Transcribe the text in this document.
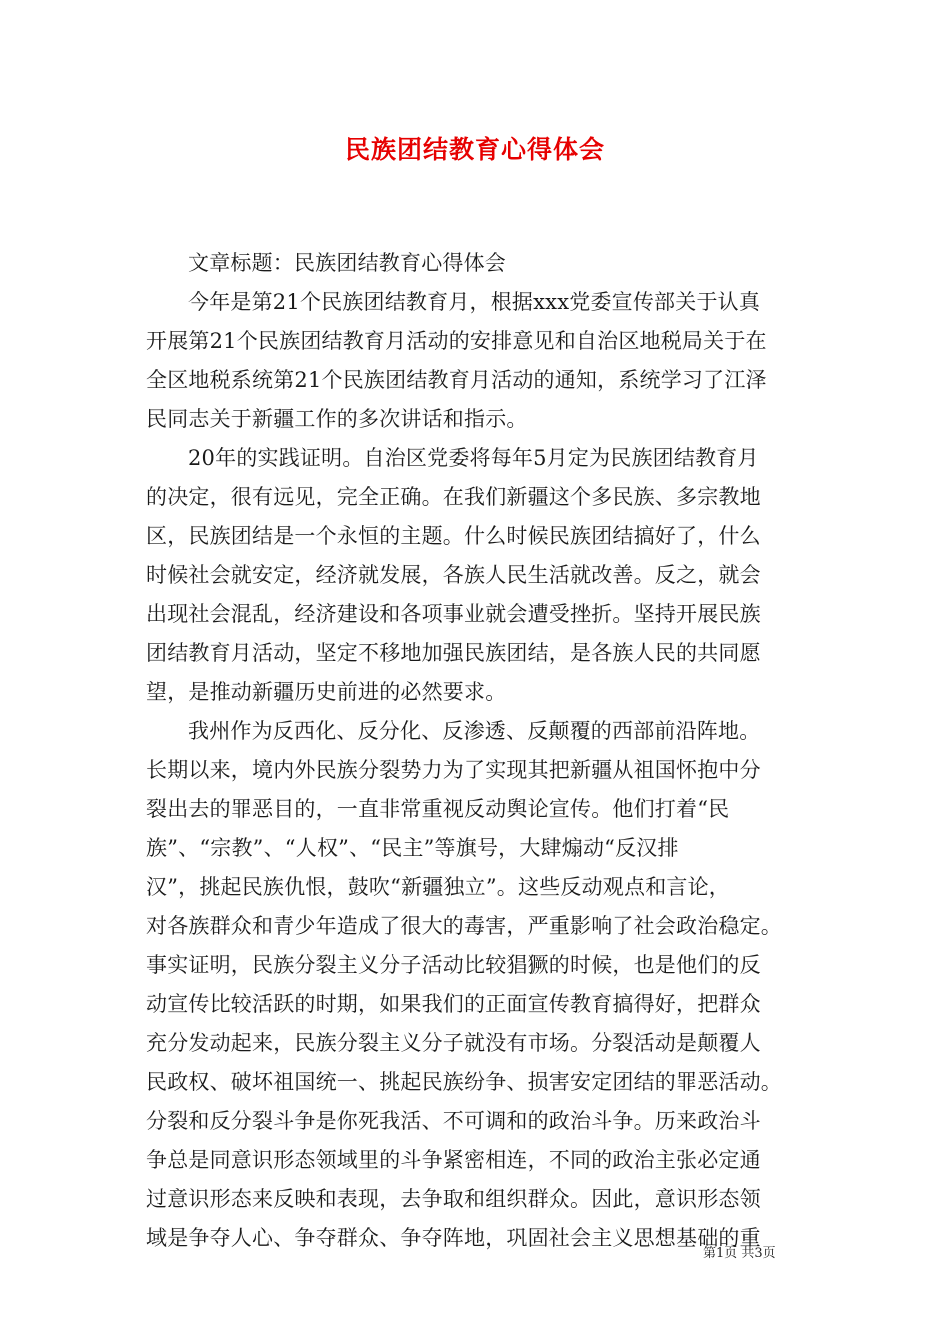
民族团结教育心得体会
文章标题：民族团结教育心得体会
今年是第21个民族团结教育月，根据xxx党委宣传部关于认真
开展第21个民族团结教育月活动的安排意见和自治区地税局关于在
全区地税系统第21个民族团结教育月活动的通知，系统学习了江泽
民同志关于新疆工作的多次讲话和指示。
20年的实践证明。自治区党委将每年5月定为民族团结教育月
的决定，很有远见，完全正确。在我们新疆这个多民族、多宗教地
区，民族团结是一个永恒的主题。什么时候民族团结搞好了，什么
时候社会就安定，经济就发展，各族人民生活就改善。反之，就会
出现社会混乱，经济建设和各项事业就会遭受挫折。坚持开展民族
团结教育月活动，坚定不移地加强民族团结，是各族人民的共同愿
望，是推动新疆历史前进的必然要求。
我州作为反西化、反分化、反渗透、反颠覆的西部前沿阵地。
长期以来，境内外民族分裂势力为了实现其把新疆从祖国怀抱中分
裂出去的罪恶目的，一直非常重视反动舆论宣传。他们打着“民
族”、“宗教”、“人权”、“民主”等旗号，大肆煽动“反汉排
汉”，挑起民族仇恨，鼓吹“新疆独立”。这些反动观点和言论，
对各族群众和青少年造成了很大的毒害，严重影响了社会政治稳定。
事实证明，民族分裂主义分子活动比较猖獗的时候，也是他们的反
动宣传比较活跃的时期，如果我们的正面宣传教育搞得好，把群众
充分发动起来，民族分裂主义分子就没有市场。分裂活动是颠覆人
民政权、破坏祖国统一、挑起民族纷争、损害安定团结的罪恶活动。
分裂和反分裂斗争是你死我活、不可调和的政治斗争。历来政治斗
争总是同意识形态领域里的斗争紧密相连，不同的政治主张必定通
过意识形态来反映和表现，去争取和组织群众。因此，意识形态领
域是争夺人心、争夺群众、争夺阵地，巩固社会主义思想基础的重
第1页 共3页
